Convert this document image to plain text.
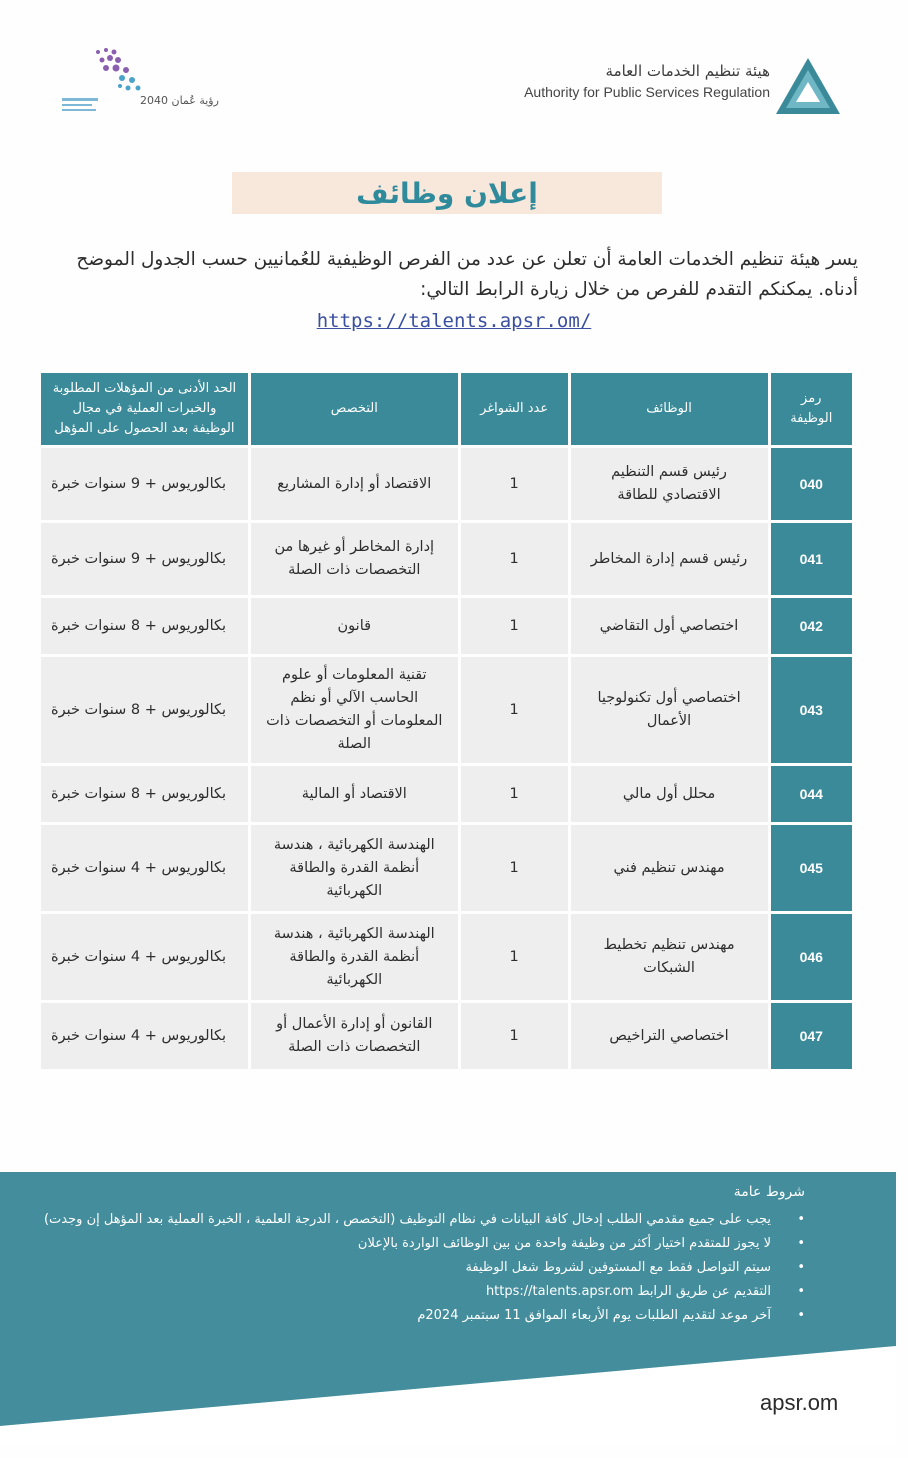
هيئة تنظيم الخدمات العامة
Authority for Public Services Regulation
رؤية عُمان 2040
إعلان وظائف
يسر هيئة تنظيم الخدمات العامة أن تعلن عن عدد من الفرص الوظيفية للعُمانيين حسب الجدول الموضح أدناه. يمكنكم التقدم للفرص من خلال زيارة الرابط التالي:
https://talents.apsr.om/
رمز الوظيفة	الوظائف	عدد الشواغر	التخصص	الحد الأدنى من المؤهلات المطلوبة والخبرات العملية في مجال الوظيفة بعد الحصول على المؤهل
040	رئيس قسم التنظيم الاقتصادي للطاقة	1	الاقتصاد أو إدارة المشاريع	بكالوريوس + 9 سنوات خبرة
041	رئيس قسم إدارة المخاطر	1	إدارة المخاطر أو غيرها من التخصصات ذات الصلة	بكالوريوس + 9 سنوات خبرة
042	اختصاصي أول التقاضي	1	قانون	بكالوريوس + 8 سنوات خبرة
043	اختصاصي أول تكنولوجيا الأعمال	1	تقنية المعلومات أو علوم الحاسب الآلي أو نظم المعلومات أو التخصصات ذات الصلة	بكالوريوس + 8 سنوات خبرة
044	محلل أول مالي	1	الاقتصاد أو المالية	بكالوريوس + 8 سنوات خبرة
045	مهندس تنظيم فني	1	الهندسة الكهربائية ، هندسة أنظمة القدرة والطاقة الكهربائية	بكالوريوس + 4 سنوات خبرة
046	مهندس تنظيم تخطيط الشبكات	1	الهندسة الكهربائية ، هندسة أنظمة القدرة والطاقة الكهربائية	بكالوريوس + 4 سنوات خبرة
047	اختصاصي التراخيص	1	القانون أو إدارة الأعمال أو التخصصات ذات الصلة	بكالوريوس + 4 سنوات خبرة
شروط عامة
• يجب على جميع مقدمي الطلب إدخال كافة البيانات في نظام التوظيف (التخصص ، الدرجة العلمية ، الخبرة العملية بعد المؤهل إن وجدت)
• لا يجوز للمتقدم اختيار أكثر من وظيفة واحدة من بين الوظائف الواردة بالإعلان
• سيتم التواصل فقط مع المستوفين لشروط شغل الوظيفة
• التقديم عن طريق الرابط https://talents.apsr.om
• آخر موعد لتقديم الطلبات يوم الأربعاء الموافق 11 سبتمبر 2024م
apsr.om
